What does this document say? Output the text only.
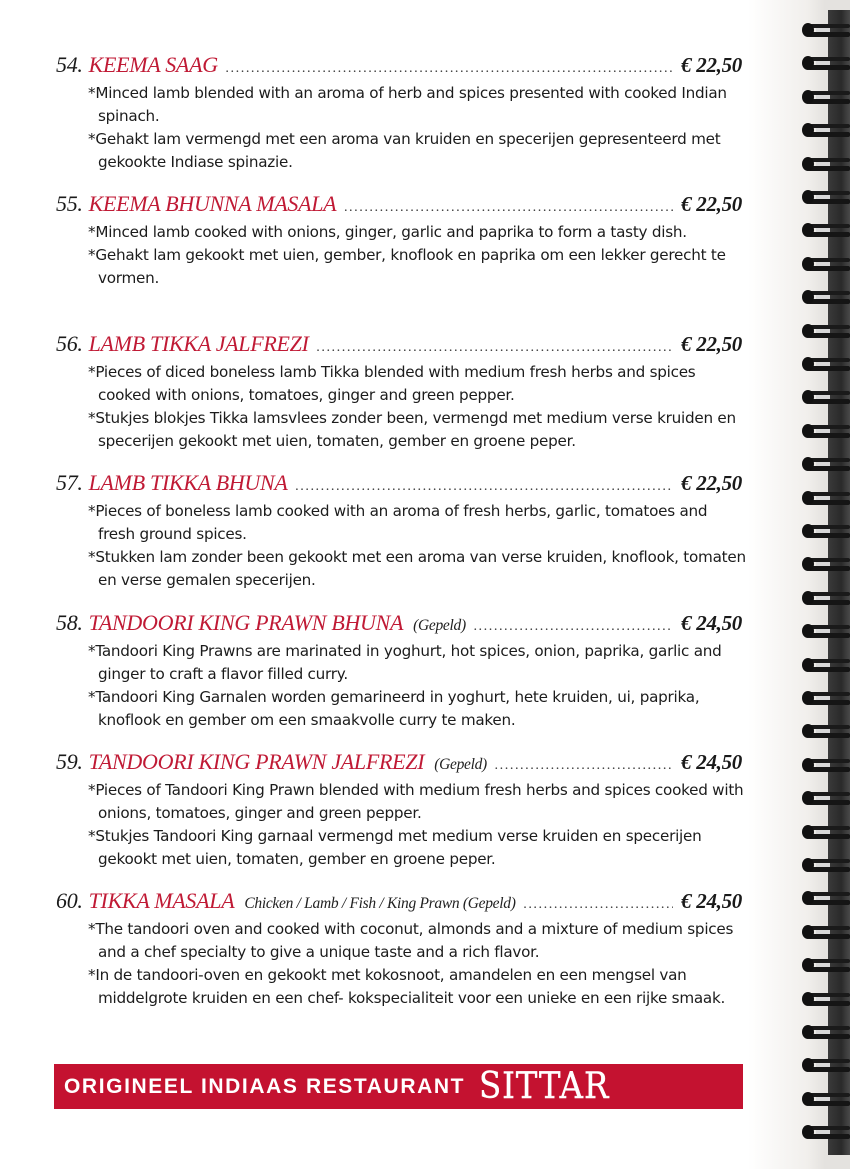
54. KEEMA SAAG .....	€ 22,50

*Minced lamb blended with an aroma of herb and spices presented with cooked Indian spinach.

*Gehakt lam vermengd met een aroma van kruiden en specerijen gepresenteerd met gekookte Indiase spinazie.

55. KEEMA BHUNNA MASALA .....	€ 22,50

*Minced lamb cooked with onions, ginger, garlic and paprika to form a tasty dish.

*Gehakt lam gekookt met uien, gember, knoflook en paprika om een lekker gerecht te vormen.

56. LAMB TIKKA JALFREZI .....	€ 22,50

*Pieces of diced boneless lamb Tikka blended with medium fresh herbs and spices cooked with onions, tomatoes, ginger and green pepper.

*Stukjes blokjes Tikka lamsvlees zonder been, vermengd met medium verse kruiden en specerijen gekookt met uien, tomaten, gember en groene peper.

57. LAMB TIKKA BHUNA .....	€ 22,50

*Pieces of boneless lamb cooked with an aroma of fresh herbs, garlic, tomatoes and fresh ground spices.

*Stukken lam zonder been gekookt met een aroma van verse kruiden, knoflook, tomaten en verse gemalen specerijen.

58. TANDOORI KING PRAWN BHUNA (Gepeld) .....	€ 24,50

*Tandoori King Prawns are marinated in yoghurt, hot spices, onion, paprika, garlic and ginger to craft a flavor filled curry.

*Tandoori King Garnalen worden gemarineerd in yoghurt, hete kruiden, ui, paprika, knoflook en gember om een smaakvolle curry te maken.

59. TANDOORI KING PRAWN JALFREZI (Gepeld) .....	€ 24,50

*Pieces of Tandoori King Prawn blended with medium fresh herbs and spices cooked with onions, tomatoes, ginger and green pepper.

*Stukjes Tandoori King garnaal vermengd met medium verse kruiden en specerijen gekookt met uien, tomaten, gember en groene peper.

60. TIKKA MASALA Chicken / Lamb / Fish / King Prawn (Gepeld) .....	€ 24,50

*The tandoori oven and cooked with coconut, almonds and a mixture of medium spices and a chef specialty to give a unique taste and a rich flavor.

*In de tandoori-oven en gekookt met kokosnoot, amandelen en een mengsel van middelgrote kruiden en een chef- kokspecialiteit voor een unieke en een rijke smaak.

ORIGINEEL INDIAAS RESTAURANT SITTAR
